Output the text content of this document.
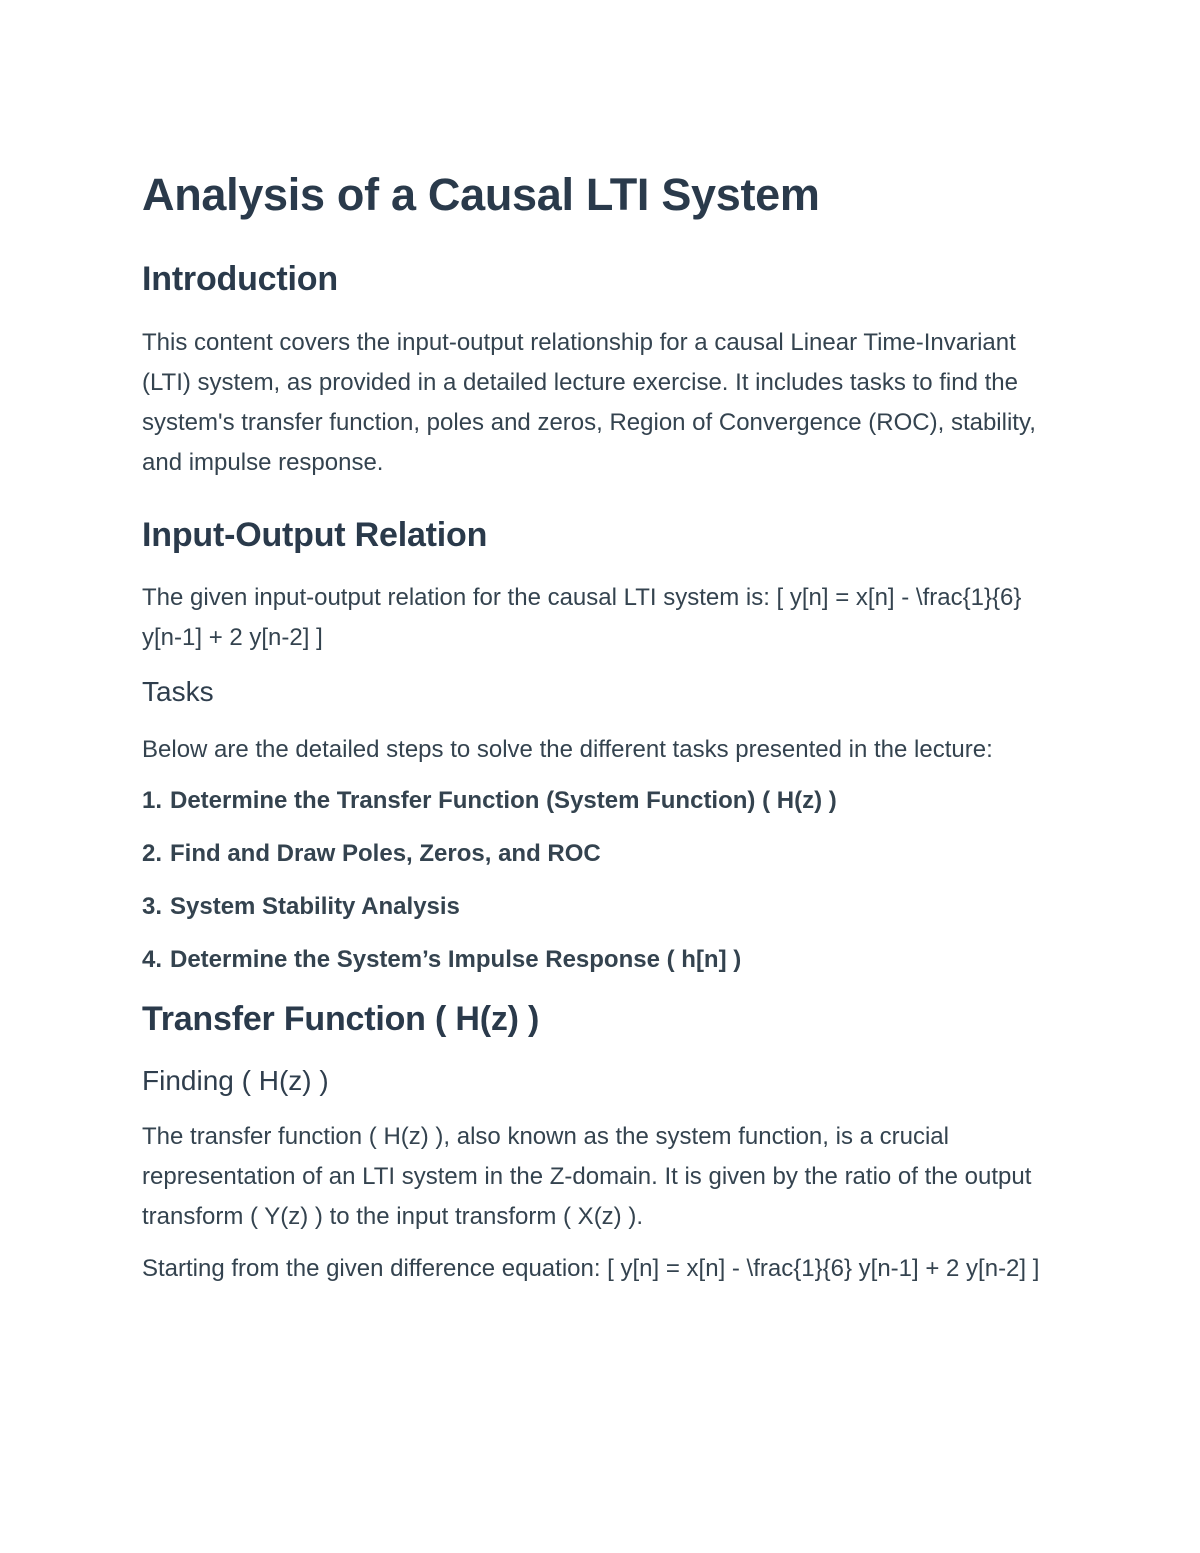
Analysis of a Causal LTI System
Introduction

This content covers the input-output relationship for a causal Linear Time-Invariant (LTI) system, as provided in a detailed lecture exercise. It includes tasks to find the system's transfer function, poles and zeros, Region of Convergence (ROC), stability, and impulse response.

Input-Output Relation

The given input-output relation for the causal LTI system is: [ y[n] = x[n] - \frac{1}{6} y[n-1] + 2 y[n-2] ]

Tasks

Below are the detailed steps to solve the different tasks presented in the lecture:

1. Determine the Transfer Function (System Function) ( H(z) )
2. Find and Draw Poles, Zeros, and ROC
3. System Stability Analysis
4. Determine the System’s Impulse Response ( h[n] )
Transfer Function ( H(z) )
Finding ( H(z) )

The transfer function ( H(z) ), also known as the system function, is a crucial representation of an LTI system in the Z-domain. It is given by the ratio of the output transform ( Y(z) ) to the input transform ( X(z) ).

Starting from the given difference equation: [ y[n] = x[n] - \frac{1}{6} y[n-1] + 2 y[n-2] ]
